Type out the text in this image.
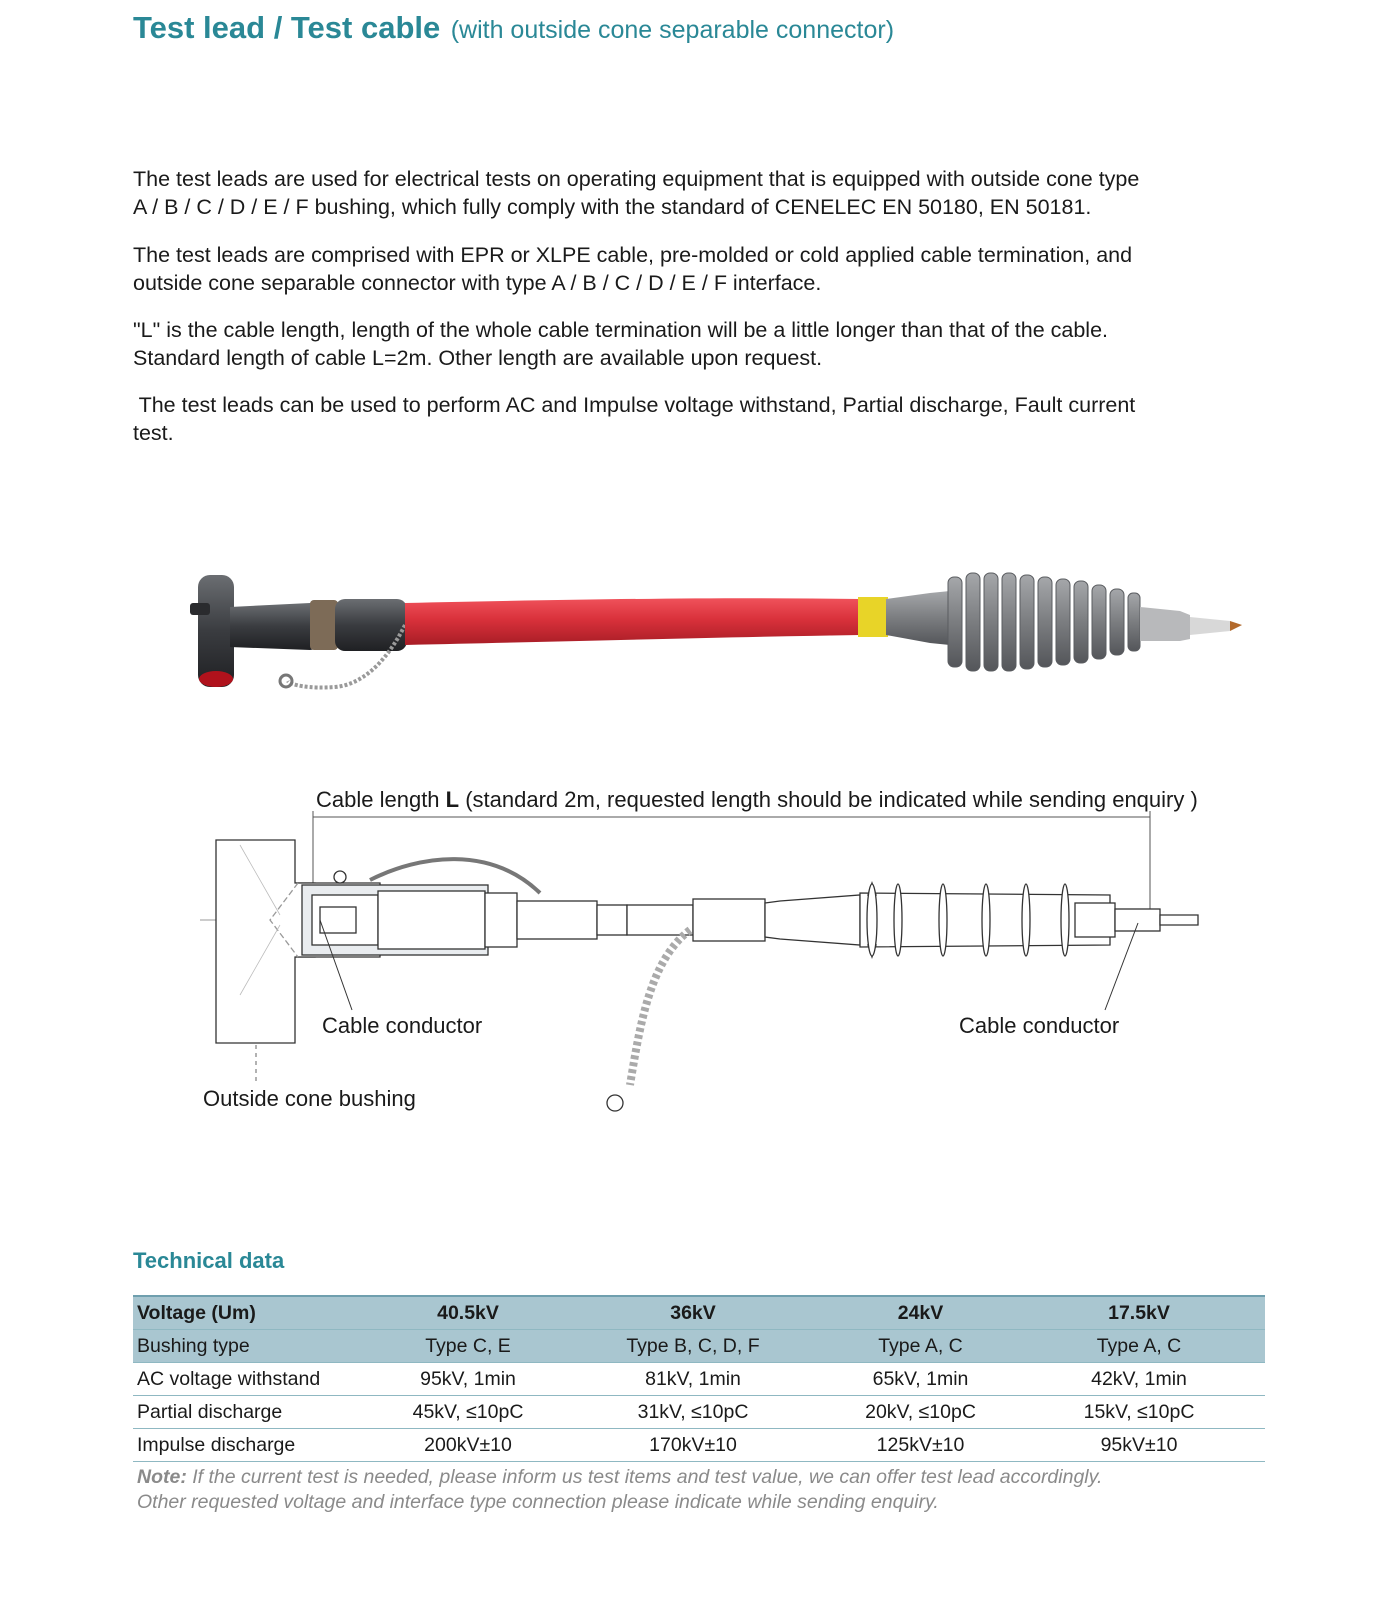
Test lead / Test cable (with outside cone separable connector)

The test leads are used for electrical tests on operating equipment that is equipped with outside cone type
A / B / C / D / E / F bushing, which fully comply with the standard of CENELEC EN 50180, EN 50181.

The test leads are comprised with EPR or XLPE cable, pre-molded or cold applied cable termination, and
outside cone separable connector with type A / B / C / D / E / F interface.

"L" is the cable length, length of the whole cable termination will be a little longer than that of the cable.
Standard length of cable L=2m. Other length are available upon request.

The test leads can be used to perform AC and Impulse voltage withstand, Partial discharge, Fault current
test.

Cable length L (standard 2m, requested length should be indicated while sending enquiry )
Cable conductor	Cable conductor
Outside cone bushing
Technical data
Voltage (Um)	40.5kV	36kV	24kV	17.5kV
Bushing type	Type C, E	Type B, C, D, F	Type A, C	Type A, C
AC voltage withstand	95kV, 1min	81kV, 1min	65kV, 1min	42kV, 1min
Partial discharge	45kV, ≤10pC	31kV, ≤10pC	20kV, ≤10pC	15kV, ≤10pC
Impulse discharge	200kV±10	170kV±10	125kV±10	95kV±10
Note: If the current test is needed, please inform us test items and test value, we can offer test lead accordingly.
Other requested voltage and interface type connection please indicate while sending enquiry.
